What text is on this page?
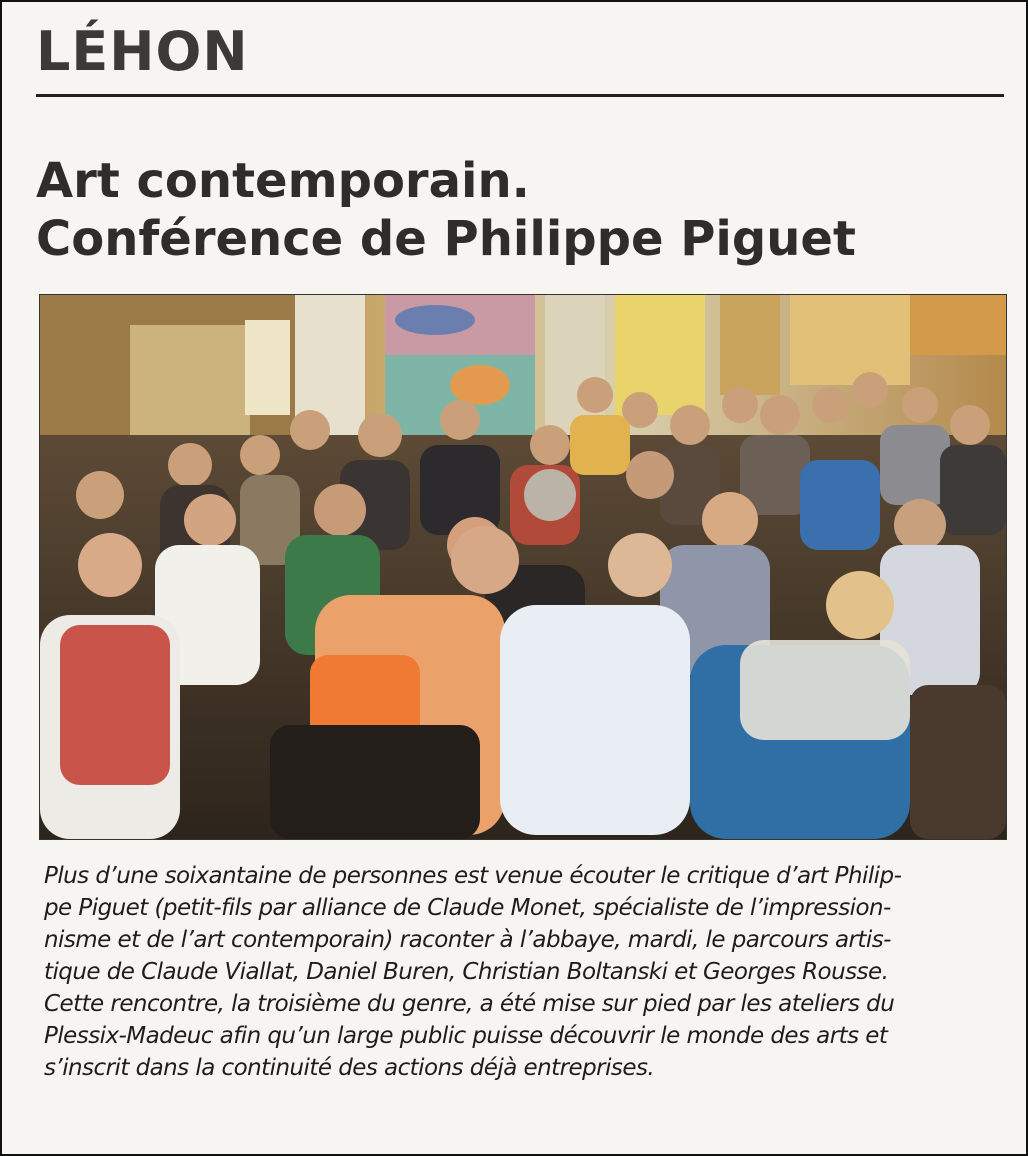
LÉHON
Art contemporain.
Conférence de Philippe Piguet
Plus d’une soixantaine de personnes est venue écouter le critique d’art Philip-
pe Piguet (petit-fils par alliance de Claude Monet, spécialiste de l’impression-
nisme et de l’art contemporain) raconter à l’abbaye, mardi, le parcours artis-
tique de Claude Viallat, Daniel Buren, Christian Boltanski et Georges Rousse.
Cette rencontre, la troisième du genre, a été mise sur pied par les ateliers du
Plessix-Madeuc afin qu’un large public puisse découvrir le monde des arts et
s’inscrit dans la continuité des actions déjà entreprises.
